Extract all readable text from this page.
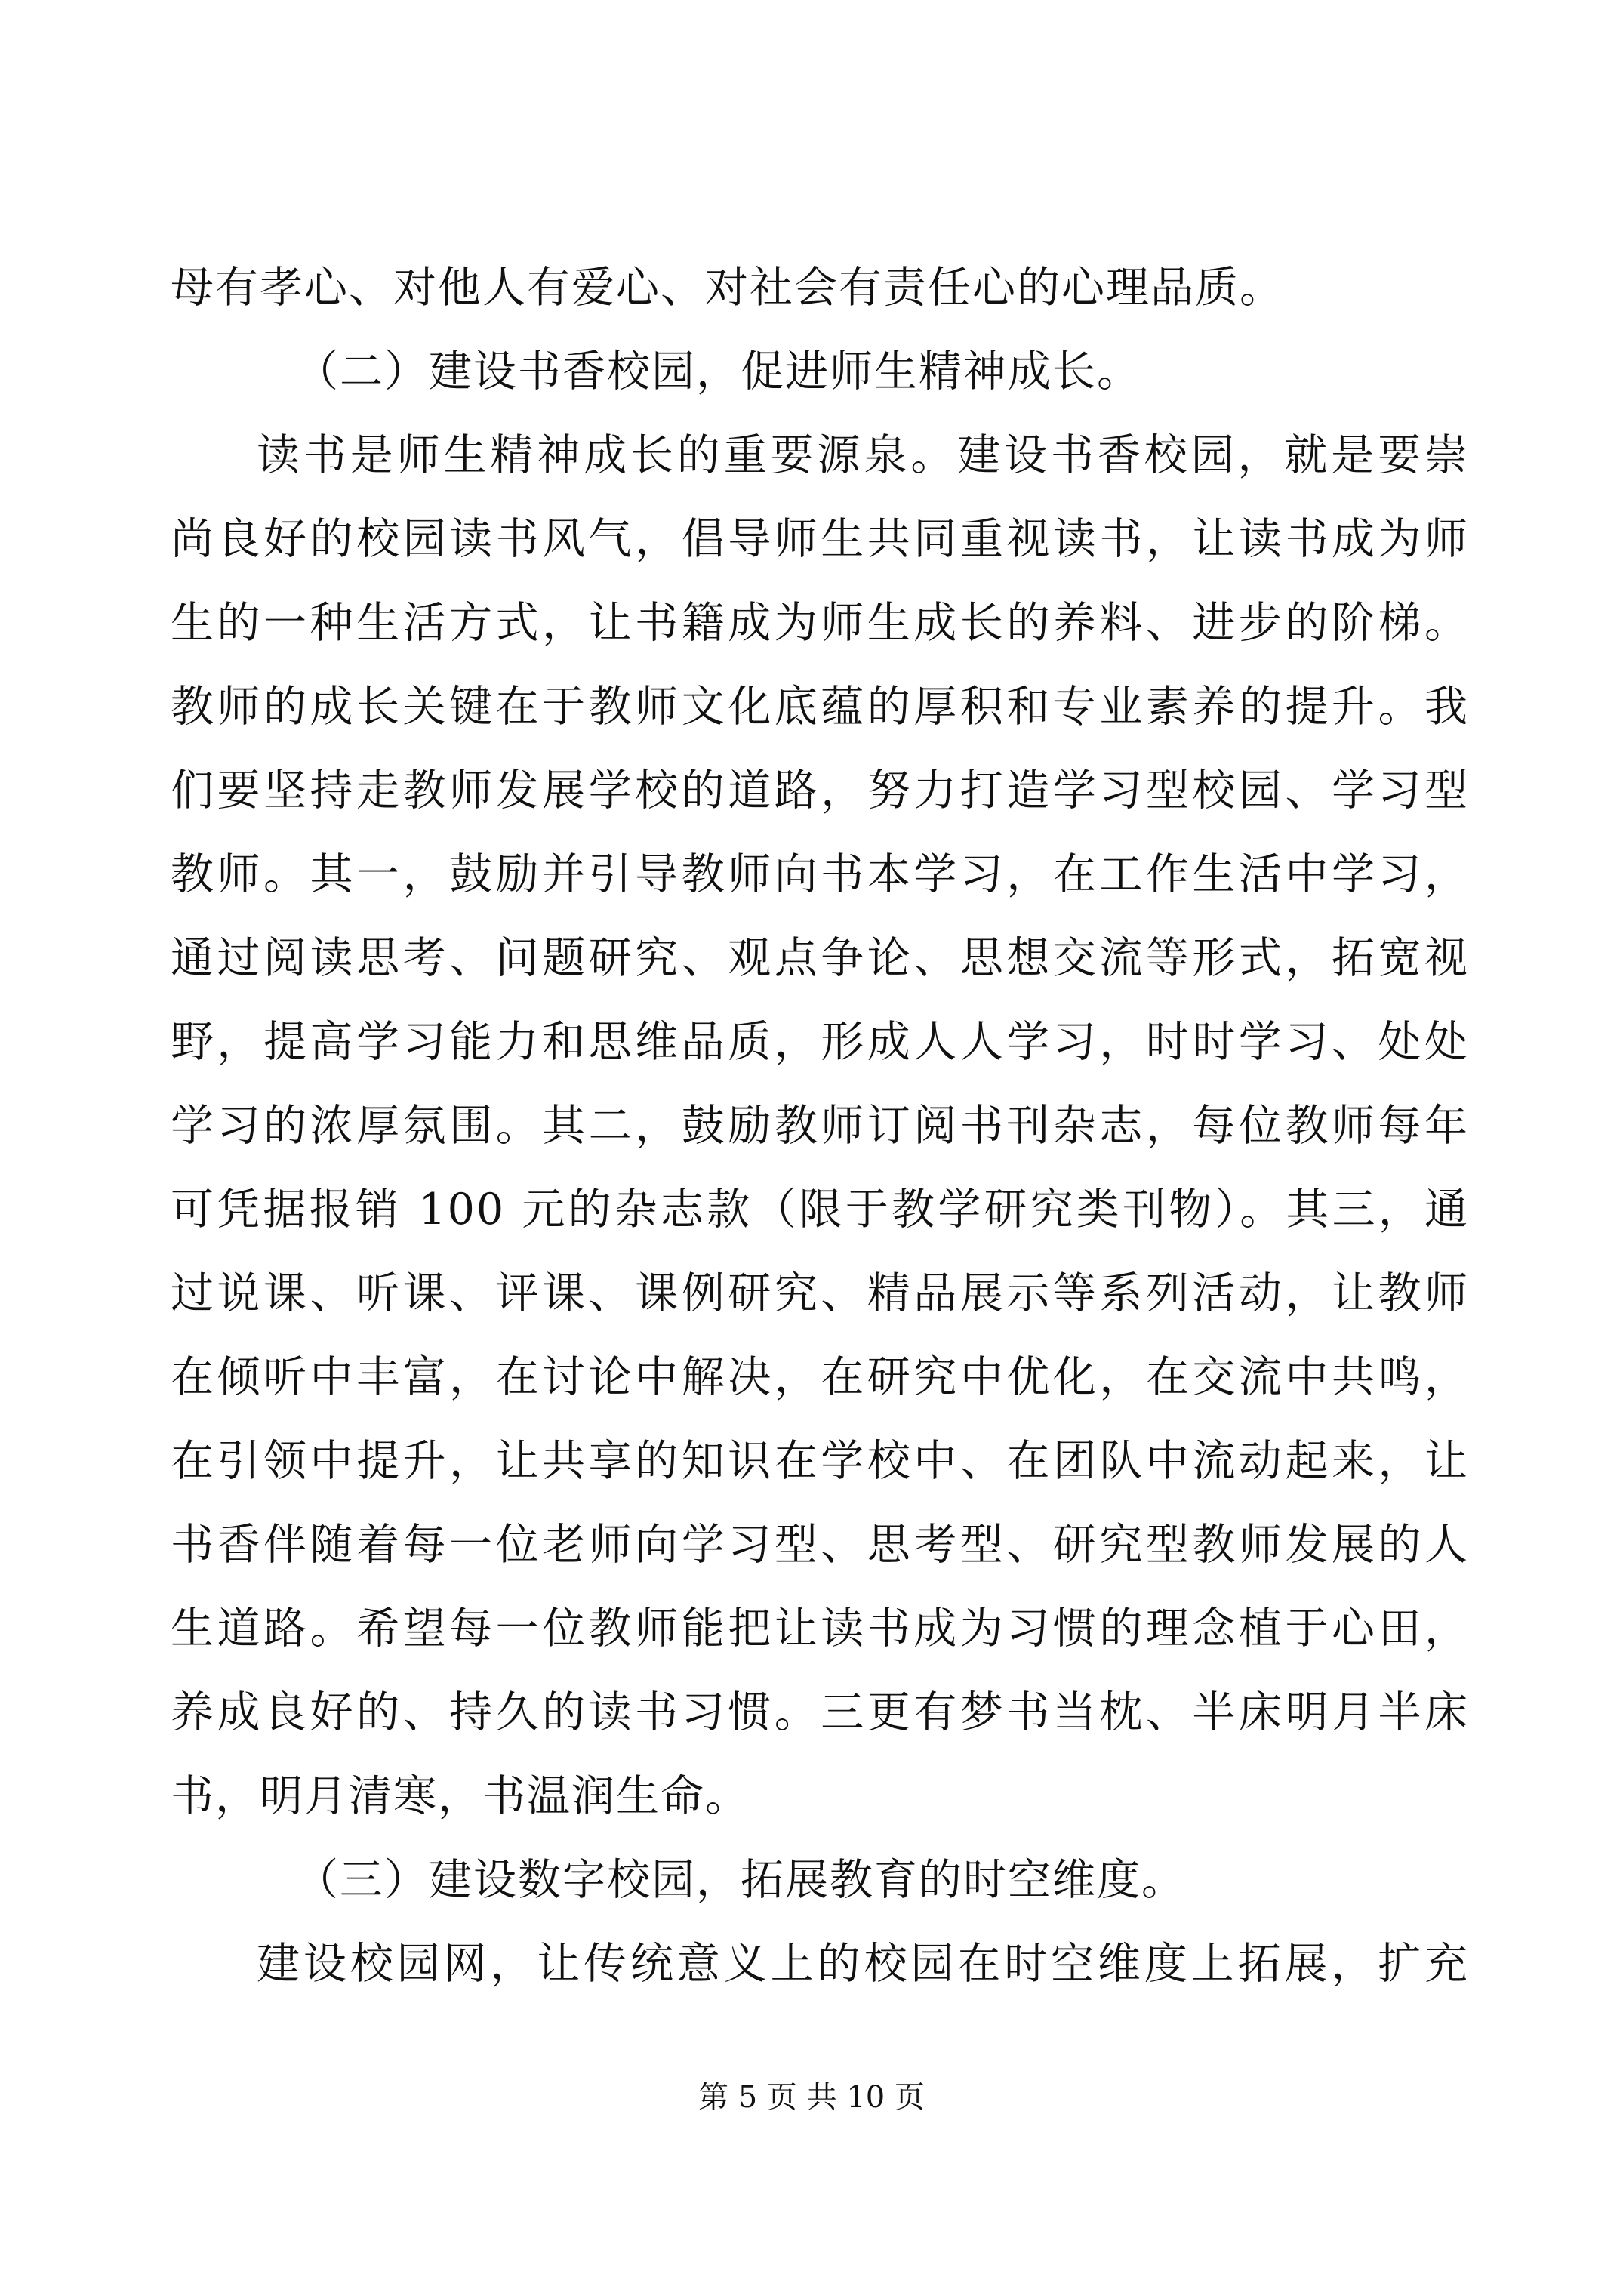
母有孝心、对他人有爱心、对社会有责任心的心理品质。
（二）建设书香校园，促进师生精神成长。
读书是师生精神成长的重要源泉。建设书香校园，就是要崇
尚良好的校园读书风气，倡导师生共同重视读书，让读书成为师
生的一种生活方式，让书籍成为师生成长的养料、进步的阶梯。
教师的成长关键在于教师文化底蕴的厚积和专业素养的提升。我
们要坚持走教师发展学校的道路，努力打造学习型校园、学习型
教师。其一，鼓励并引导教师向书本学习，在工作生活中学习，
通过阅读思考、问题研究、观点争论、思想交流等形式，拓宽视
野，提高学习能力和思维品质，形成人人学习，时时学习、处处
学习的浓厚氛围。其二，鼓励教师订阅书刊杂志，每位教师每年
可凭据报销 100 元的杂志款（限于教学研究类刊物）。其三，通
过说课、听课、评课、课例研究、精品展示等系列活动，让教师
在倾听中丰富，在讨论中解决，在研究中优化，在交流中共鸣，
在引领中提升，让共享的知识在学校中、在团队中流动起来，让
书香伴随着每一位老师向学习型、思考型、研究型教师发展的人
生道路。希望每一位教师能把让读书成为习惯的理念植于心田，
养成良好的、持久的读书习惯。三更有梦书当枕、半床明月半床
书，明月清寒，书温润生命。
（三）建设数字校园，拓展教育的时空维度。
建设校园网，让传统意义上的校园在时空维度上拓展，扩充
第 5 页 共 10 页
